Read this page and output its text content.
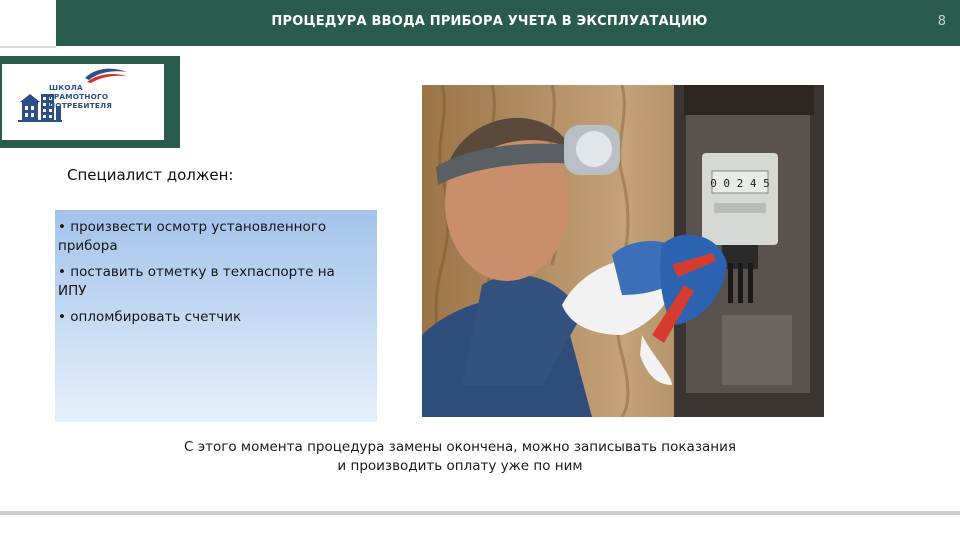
ПРОЦЕДУРА ВВОДА ПРИБОРА УЧЕТА В ЭКСПЛУАТАЦИЮ	8
ШКОЛА
ГРАМОТНОГО
ПОТРЕБИТЕЛЯ
Специалист должен:
• произвести осмотр установленного прибора
• поставить отметку в техпаспорте на ИПУ
• опломбировать счетчик
0 0 2 4 5
С этого момента процедура замены окончена, можно записывать показания
и производить оплату уже по ним
